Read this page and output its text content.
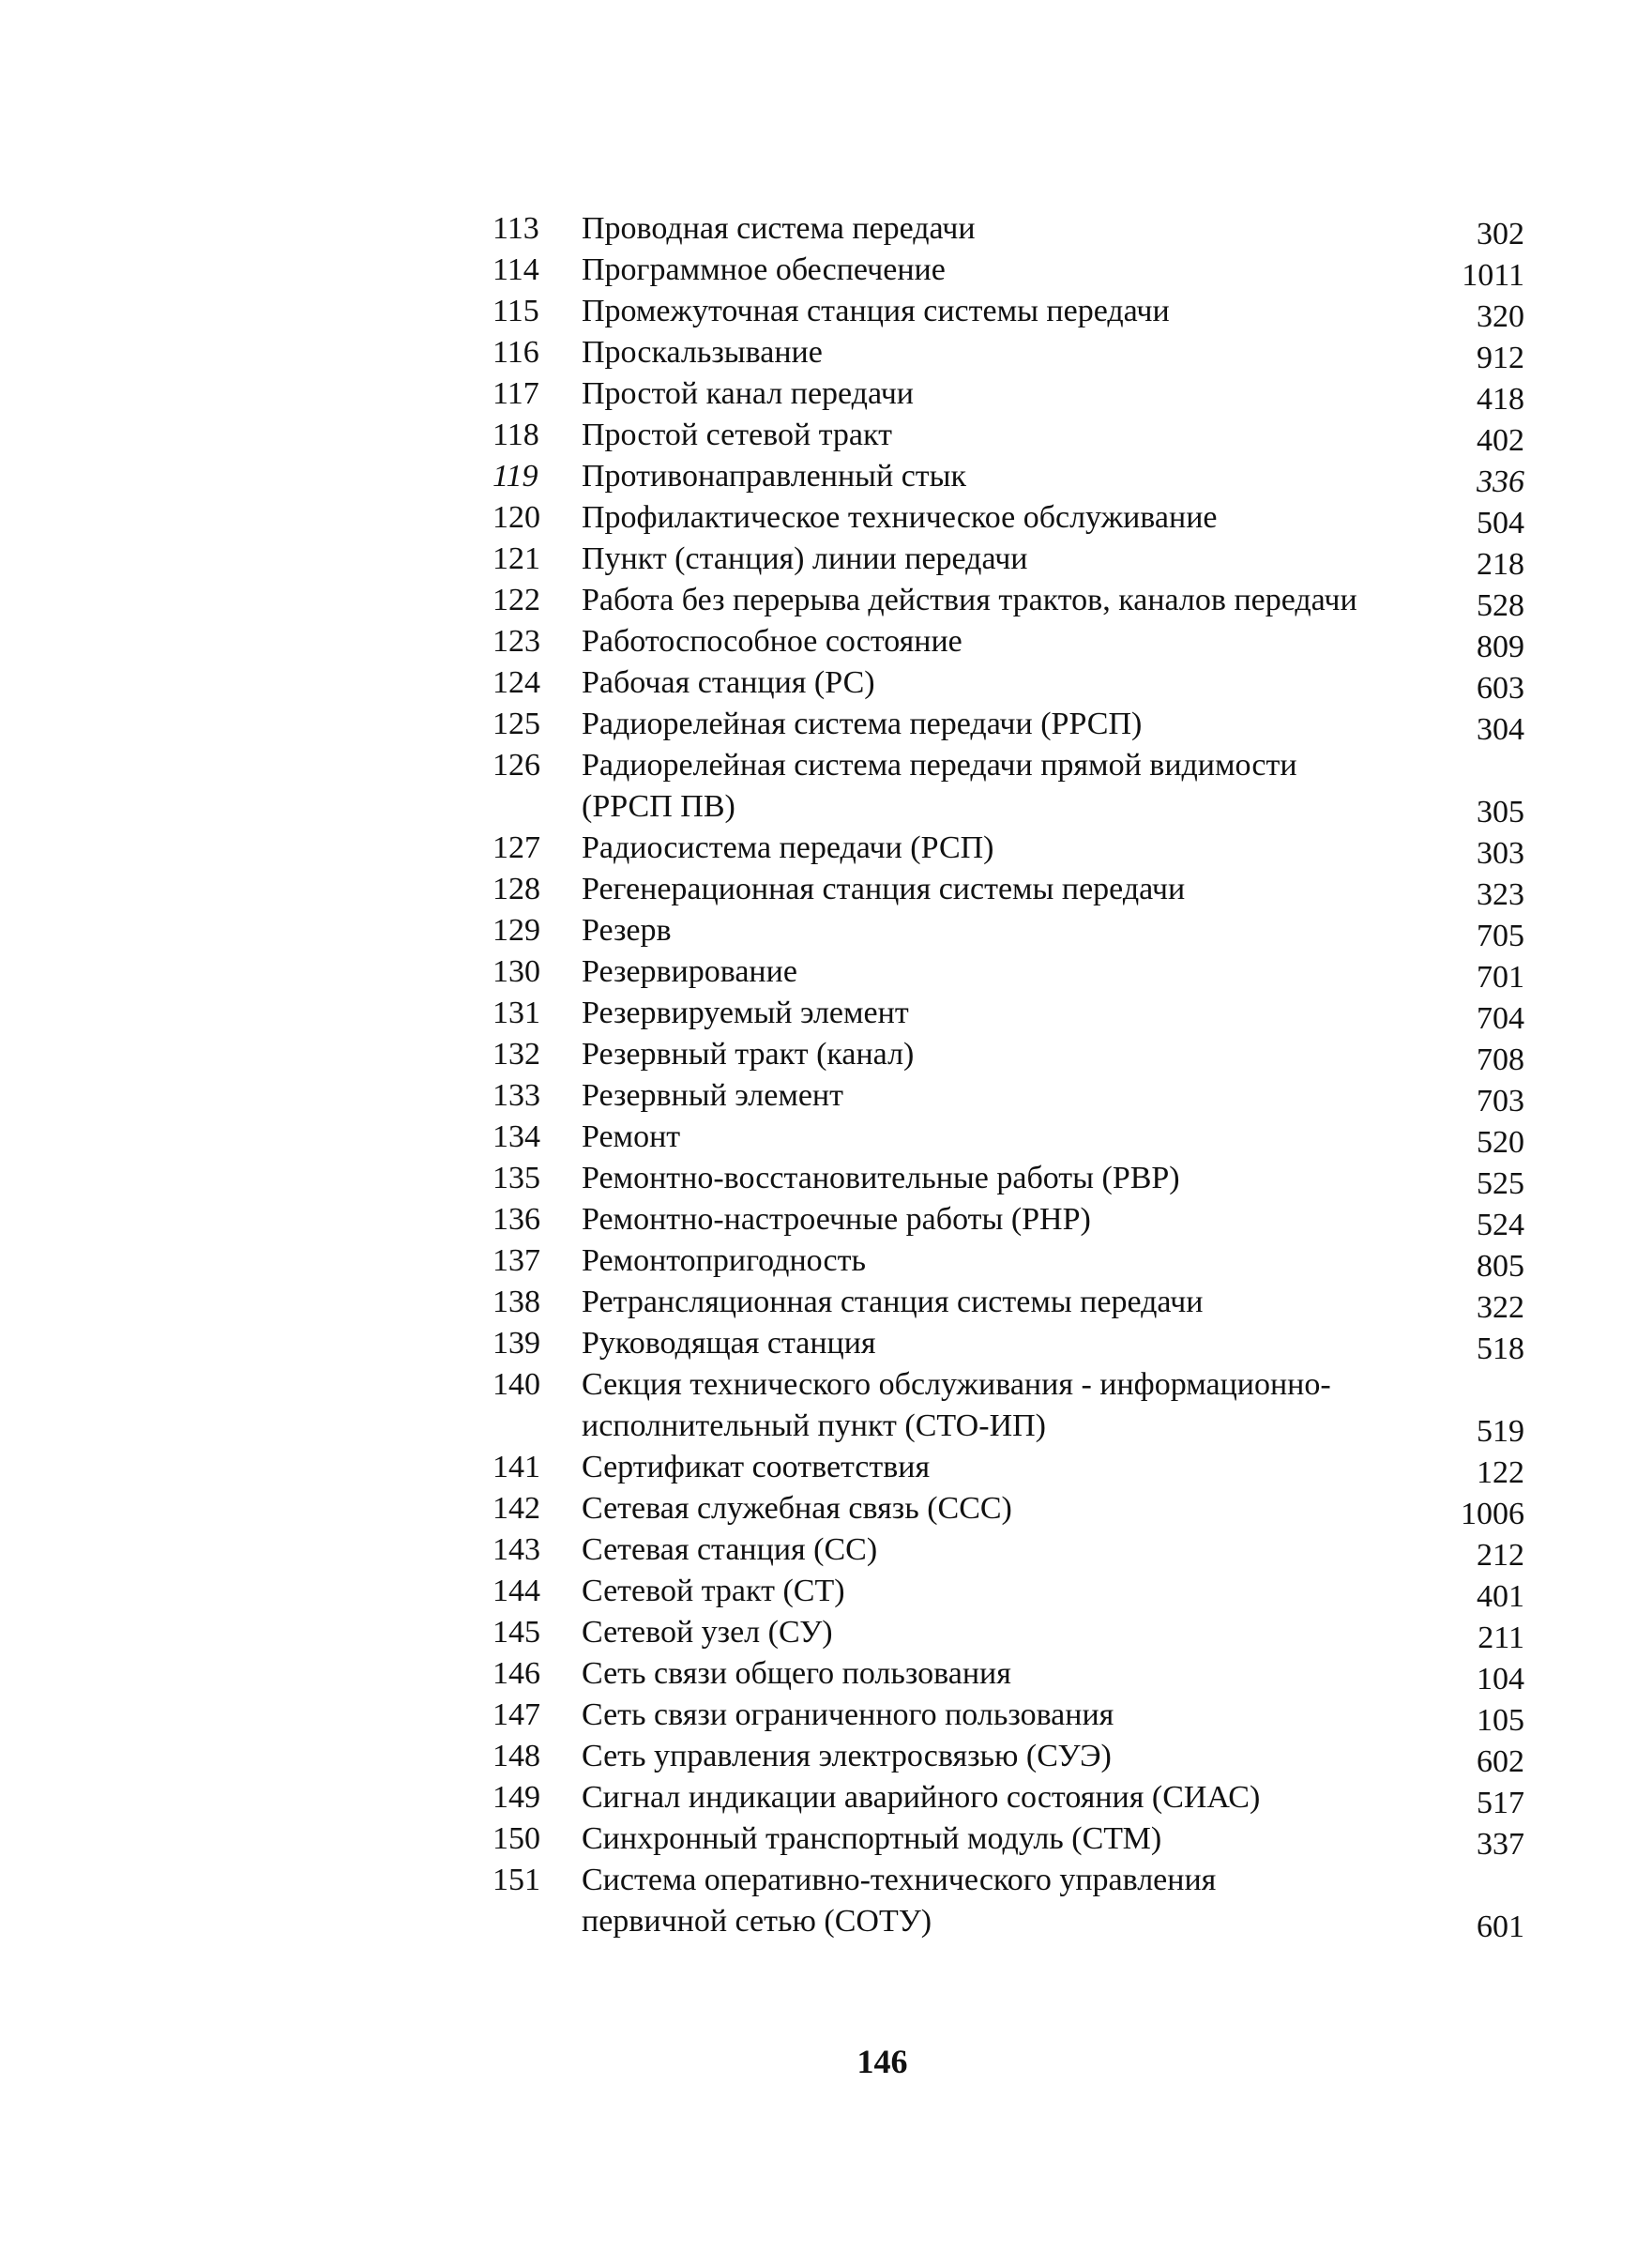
113	Проводная система передачи	302
114	Программное обеспечение	1011
115	Промежуточная станция системы передачи	320
116	Проскальзывание	912
117	Простой канал передачи	418
118	Простой сетевой тракт	402
119	Противонаправленный стык	336
120	Профилактическое техническое обслуживание	504
121	Пункт (станция) линии передачи	218
122	Работа без перерыва действия трактов, каналов передачи	528
123	Работоспособное состояние	809
124	Рабочая станция (РС)	603
125	Радиорелейная система передачи (РРСП)	304
126	Радиорелейная система передачи прямой видимости
(РРСП ПВ)	305
127	Радиосистема передачи (РСП)	303
128	Регенерационная станция системы передачи	323
129	Резерв	705
130	Резервирование	701
131	Резервируемый элемент	704
132	Резервный тракт (канал)	708
133	Резервный элемент	703
134	Ремонт	520
135	Ремонтно-восстановительные работы (РВР)	525
136	Ремонтно-настроечные работы (РНР)	524
137	Ремонтопригодность	805
138	Ретрансляционная станция системы передачи	322
139	Руководящая станция	518
140	Секция технического обслуживания - информационно-
исполнительный пункт (СТО-ИП)	519
141	Сертификат соответствия	122
142	Сетевая служебная связь (ССС)	1006
143	Сетевая станция (СС)	212
144	Сетевой тракт (СТ)	401
145	Сетевой узел (СУ)	211
146	Сеть связи общего пользования	104
147	Сеть связи ограниченного пользования	105
148	Сеть управления электросвязью (СУЭ)	602
149	Сигнал индикации аварийного состояния (СИАС)	517
150	Синхронный транспортный модуль (СТМ)	337
151	Система оперативно-технического управления
первичной сетью (СОТУ)	601
146
